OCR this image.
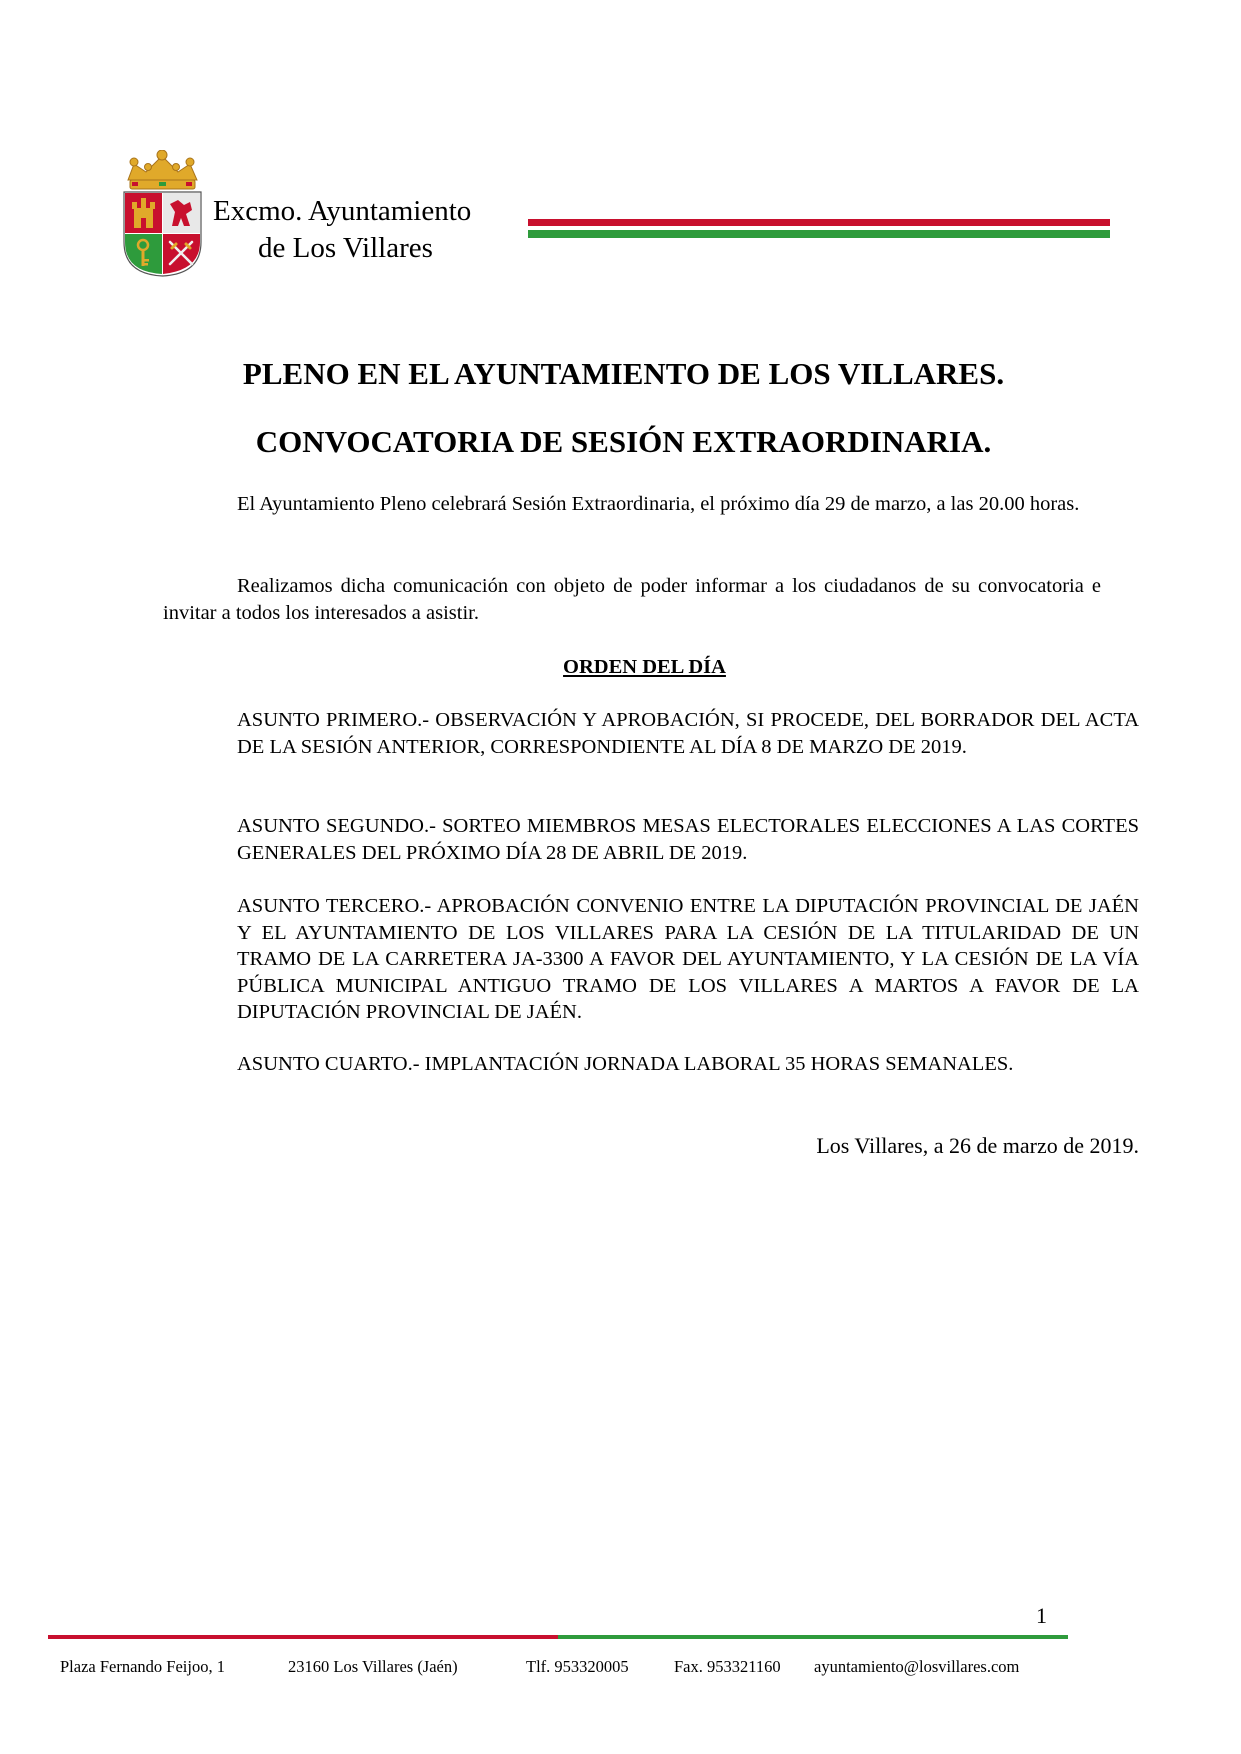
Excmo. Ayuntamiento
de Los Villares
PLENO EN EL AYUNTAMIENTO DE LOS VILLARES.
CONVOCATORIA DE SESIÓN EXTRAORDINARIA.
El Ayuntamiento Pleno celebrará Sesión Extraordinaria, el próximo día 29 de marzo, a las 20.00 horas.
Realizamos dicha comunicación con objeto de poder informar a los ciudadanos de su convocatoria e invitar a todos los interesados a asistir.
ORDEN DEL DÍA
ASUNTO PRIMERO.- OBSERVACIÓN Y APROBACIÓN, SI PROCEDE, DEL BORRADOR DEL ACTA DE LA SESIÓN ANTERIOR, CORRESPONDIENTE AL DÍA 8 DE MARZO DE 2019.
ASUNTO SEGUNDO.- SORTEO MIEMBROS MESAS ELECTORALES ELECCIONES A LAS CORTES GENERALES DEL PRÓXIMO DÍA 28 DE ABRIL DE 2019.
ASUNTO TERCERO.- APROBACIÓN CONVENIO ENTRE LA DIPUTACIÓN PROVINCIAL DE JAÉN Y EL AYUNTAMIENTO DE LOS VILLARES PARA LA CESIÓN DE LA TITULARIDAD DE UN TRAMO DE LA CARRETERA JA-3300 A FAVOR DEL AYUNTAMIENTO, Y LA CESIÓN DE LA VÍA PÚBLICA MUNICIPAL ANTIGUO TRAMO DE LOS VILLARES A MARTOS A FAVOR DE LA DIPUTACIÓN PROVINCIAL DE JAÉN.
ASUNTO CUARTO.- IMPLANTACIÓN JORNADA LABORAL 35 HORAS SEMANALES.
Los Villares, a 26 de marzo de 2019.
1
Plaza Fernando Feijoo, 1	23160 Los Villares (Jaén)	Tlf. 953320005	Fax. 953321160 ayuntamiento@losvillares.com
